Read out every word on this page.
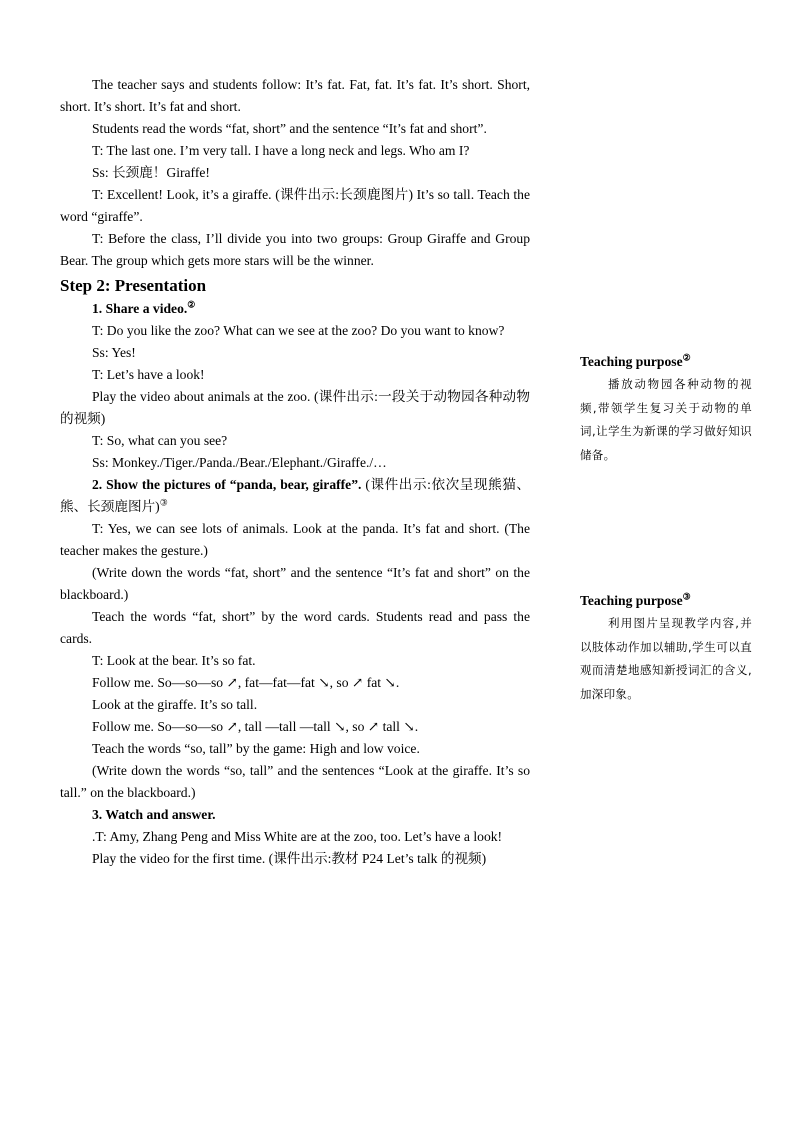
The teacher says and students follow: It’s fat. Fat, fat. It’s fat. It’s short. Short, short. It’s short. It’s fat and short.

Students read the words “fat, short” and the sentence “It’s fat and short”.

T: The last one. I’m very tall. I have a long neck and legs. Who am I?

Ss: 长颈鹿！Giraffe!

T: Excellent! Look, it’s a giraffe. (课件出示:长颈鹿图片) It’s so tall. Teach the word “giraffe”.

T: Before the class, I’ll divide you into two groups: Group Giraffe and Group Bear. The group which gets more stars will be the winner.

Step 2: Presentation

1. Share a video.②

T: Do you like the zoo? What can we see at the zoo? Do you want to know?

Ss: Yes!

T: Let’s have a look!

Play the video about animals at the zoo. (课件出示:一段关于动物园各种动物的视频)

T: So, what can you see?

Ss: Monkey./Tiger./Panda./Bear./Elephant./Giraffe./…

2. Show the pictures of “panda, bear, giraffe”. (课件出示:依次呈现熊猫、熊、长颈鹿图片)③

T: Yes, we can see lots of animals. Look at the panda. It’s fat and short. (The teacher makes the gesture.)

(Write down the words “fat, short” and the sentence “It’s fat and short” on the blackboard.)

Teach the words “fat, short” by the word cards. Students read and pass the cards.

T: Look at the bear. It’s so fat.

Follow me. So—so—so ↗, fat—fat—fat ↘, so ↗ fat ↘.

Look at the giraffe. It’s so tall.

Follow me. So—so—so ↗, tall —tall —tall ↘, so ↗ tall ↘.

Teach the words “so, tall” by the game: High and low voice.

(Write down the words “so, tall” and the sentences “Look at the giraffe. It’s so tall.” on the blackboard.)

3. Watch and answer.

.T: Amy, Zhang Peng and Miss White are at the zoo, too. Let’s have a look!

Play the video for the first time. (课件出示:教材 P24 Let’s talk 的视频)

Teaching purpose②

播放动物园各种动物的视频,带领学生复习关于动物的单词,让学生为新课的学习做好知识储备。

Teaching purpose③

利用图片呈现教学内容,并以肢体动作加以辅助,学生可以直观而清楚地感知新授词汇的含义,加深印象。
